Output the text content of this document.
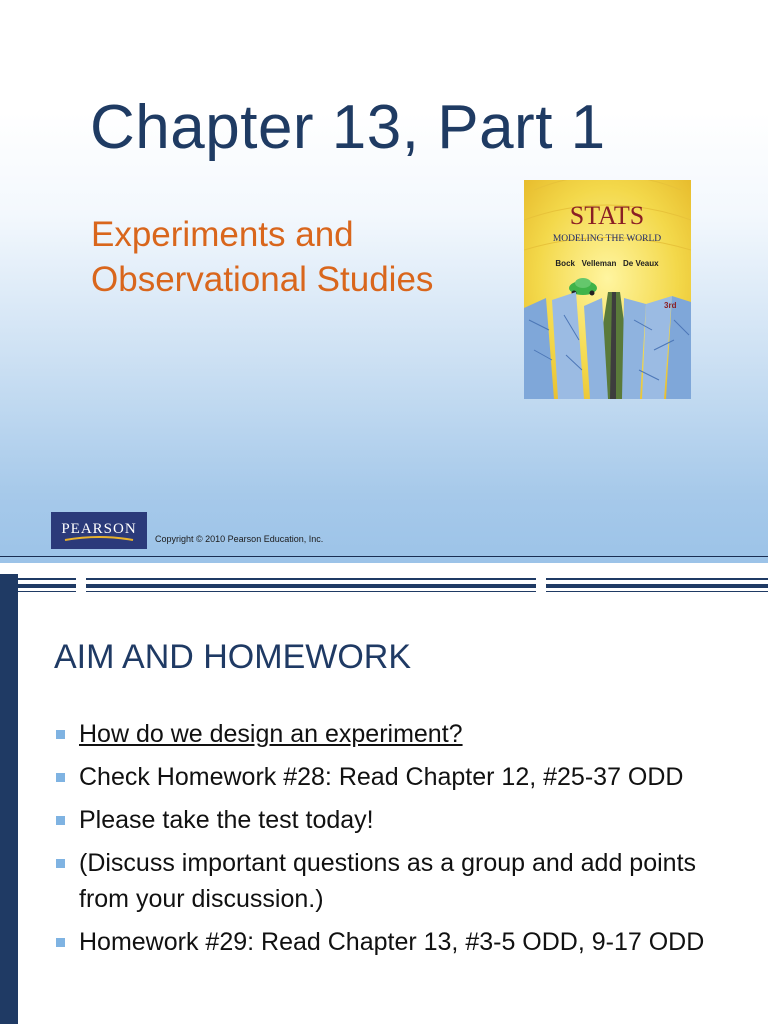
Chapter 13, Part 1
Experiments and
Observational Studies
STATS
MODELING THE WORLD
Bock   Velleman   De Veaux
3rd
PEARSON
Copyright © 2010 Pearson Education, Inc.
AIM AND HOMEWORK
How do we design an experiment?
Check Homework #28: Read Chapter 12, #25-37 ODD
Please take the test today!
(Discuss important questions as a group and add points from your discussion.)
Homework #29: Read Chapter 13, #3-5 ODD, 9-17 ODD
